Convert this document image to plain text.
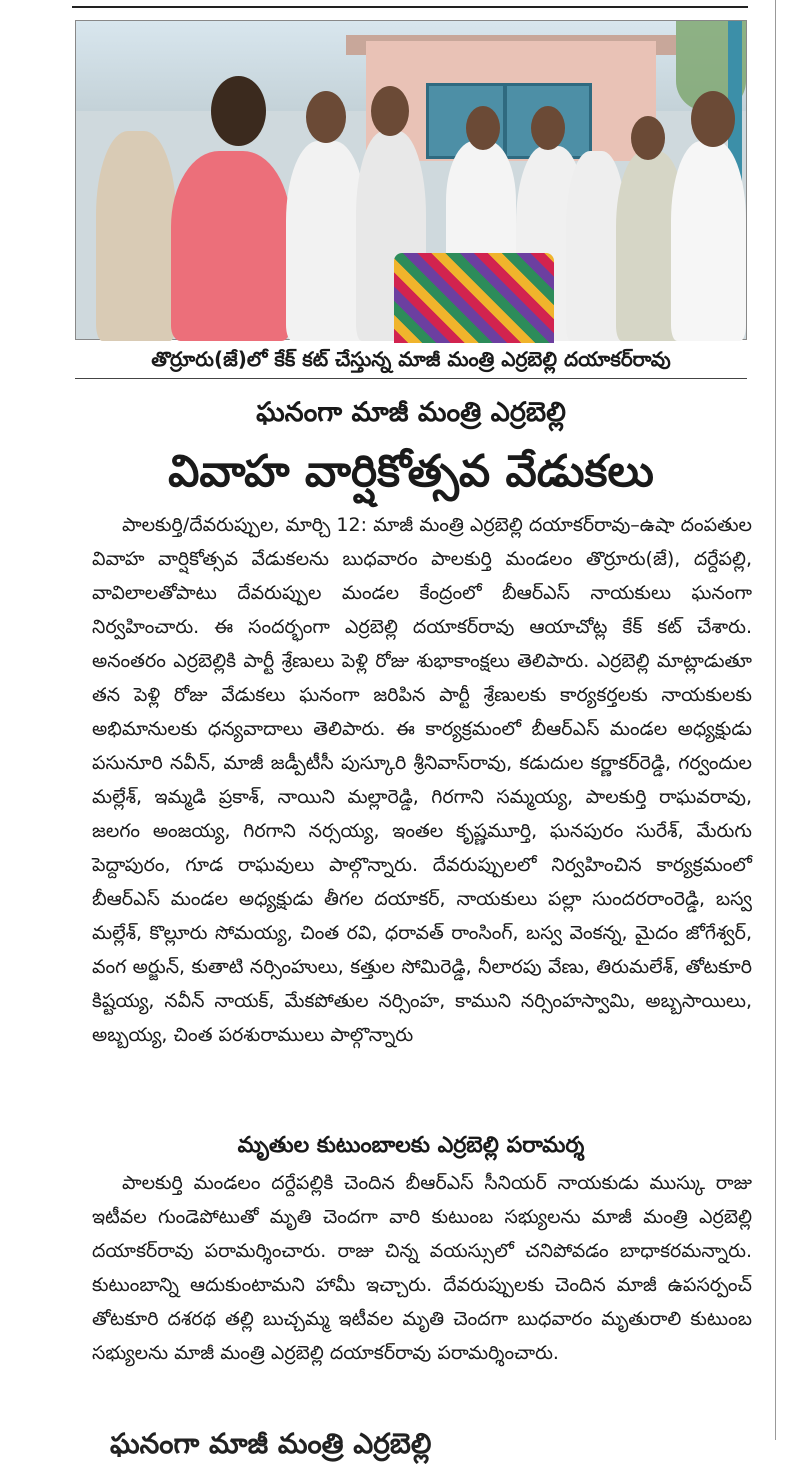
తొర్రూరు(జే)లో కేక్ కట్ చేస్తున్న మాజీ మంత్రి ఎర్రబెల్లి దయాకర్‌రావు
ఘనంగా మాజీ మంత్రి ఎర్రబెల్లి
వివాహ వార్షికోత్సవ వేడుకలు

పాలకుర్తి/దేవరుప్పుల, మార్చి 12: మాజీ మంత్రి ఎర్రబెల్లి దయాకర్‌రావు–ఉషా దంపతుల వివాహ వార్షికోత్సవ వేడుకలను బుధవారం పాలకుర్తి మండలం తొర్రూరు(జే), దర్దేపల్లి, వావిలాలతోపాటు దేవరుప్పుల మండల కేంద్రంలో బీఆర్ఎస్ నాయకులు ఘనంగా నిర్వహించారు. ఈ సందర్భంగా ఎర్రబెల్లి దయాకర్‌రావు ఆయాచోట్ల కేక్ కట్ చేశారు. అనంతరం ఎర్రబెల్లికి పార్టీ శ్రేణులు పెళ్లి రోజు శుభాకాంక్షలు తెలిపారు. ఎర్రబెల్లి మాట్లాడుతూ తన పెళ్లి రోజు వేడుకలు ఘనంగా జరిపిన పార్టీ శ్రేణులకు కార్యకర్తలకు నాయకులకు అభిమానులకు ధన్యవాదాలు తెలిపారు. ఈ కార్యక్రమంలో బీఆర్ఎస్ మండల అధ్యక్షుడు పసునూరి నవీన్, మాజీ జడ్పీటీసీ పుస్కూరి శ్రీనివాస్‌రావు, కడుదుల కర్ణాకర్‌రెడ్డి, గర్వందుల మల్లేశ్, ఇమ్మడి ప్రకాశ్, నాయిని మల్లారెడ్డి, గిరగాని సమ్మయ్య, పాలకుర్తి రాఘవరావు, జలగం అంజయ్య, గిరగాని నర్సయ్య, ఇంతల కృష్ణమూర్తి, ఘనపురం సురేశ్, మేరుగు పెద్దాపురం, గూడ రాఘవులు పాల్గొన్నారు. దేవరుప్పులలో నిర్వహించిన కార్యక్రమంలో బీఆర్ఎస్ మండల అధ్యక్షుడు తీగల దయాకర్, నాయకులు పల్లా సుందరరాంరెడ్డి, బస్వ మల్లేశ్, కొల్లూరు సోమయ్య, చింత రవి, ధరావత్ రాంసింగ్, బస్వ వెంకన్న, మైదం జోగేశ్వర్, వంగ అర్జున్, కుతాటి నర్సింహులు, కత్తుల సోమిరెడ్డి, నీలారపు వేణు, తిరుమలేశ్, తోటకూరి కిష్టయ్య, నవీన్ నాయక్, మేకపోతుల నర్సింహ, కాముని నర్సింహస్వామి, అబ్బసాయిలు, అబ్బయ్య, చింత పరశురాములు పాల్గొన్నారు

మృతుల కుటుంబాలకు ఎర్రబెల్లి పరామర్శ

పాలకుర్తి మండలం దర్దేపల్లికి చెందిన బీఆర్ఎస్ సీనియర్ నాయకుడు ముస్కు రాజు ఇటీవల గుండెపోటుతో మృతి చెందగా వారి కుటుంబ సభ్యులను మాజీ మంత్రి ఎర్రబెల్లి దయాకర్‌రావు పరామర్శించారు. రాజు చిన్న వయస్సులో చనిపోవడం బాధాకరమన్నారు. కుటుంబాన్ని ఆదుకుంటామని హామీ ఇచ్చారు. దేవరుప్పులకు చెందిన మాజీ ఉపసర్పంచ్ తోటకూరి దశరథ తల్లి బుచ్చమ్మ ఇటీవల మృతి చెందగా బుధవారం మృతురాలి కుటుంబ సభ్యులను మాజీ మంత్రి ఎర్రబెల్లి దయాకర్‌రావు పరామర్శించారు.

ఘనంగా మాజీ మంత్రి ఎర్రబెల్లి
